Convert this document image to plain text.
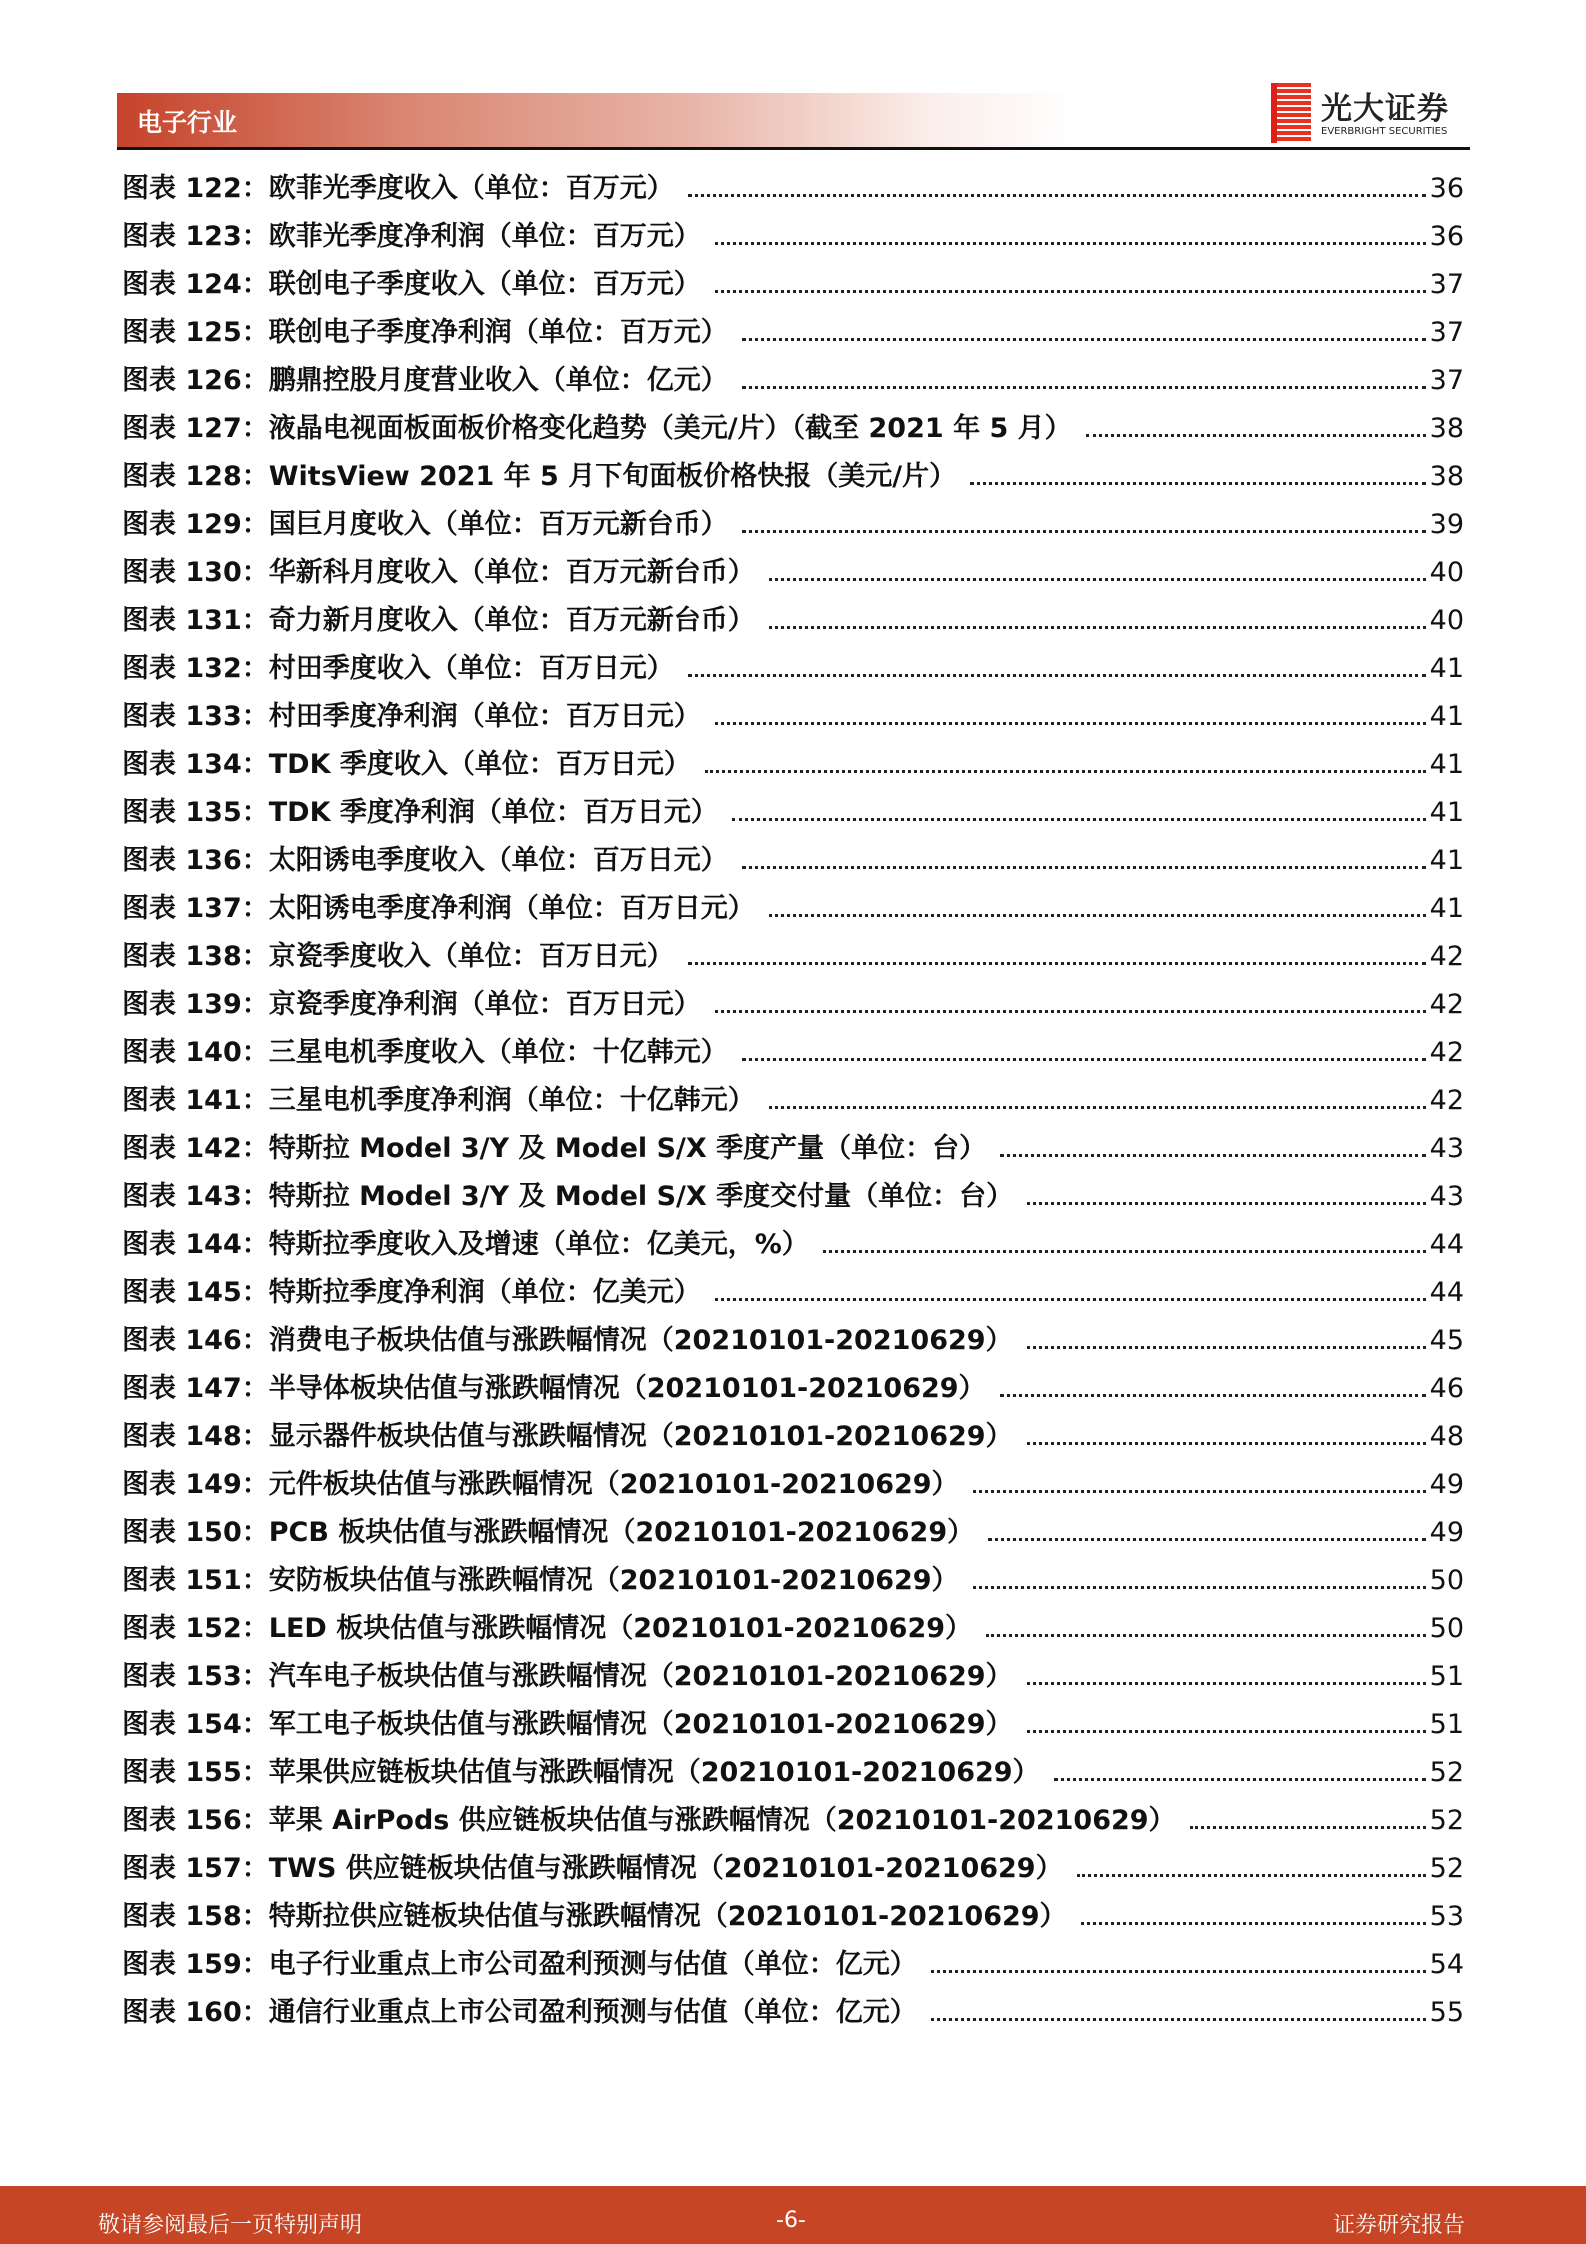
电子行业	光大证券
EVERBRIGHT SECURITIES
图表 122：欧菲光季度收入（单位：百万元）	36
图表 123：欧菲光季度净利润（单位：百万元）	36
图表 124：联创电子季度收入（单位：百万元）	37
图表 125：联创电子季度净利润（单位：百万元）	37
图表 126：鹏鼎控股月度营业收入（单位：亿元）	37
图表 127：液晶电视面板面板价格变化趋势（美元/片）（截至 2021 年 5 月）	38
图表 128：WitsView 2021 年 5 月下旬面板价格快报（美元/片）	38
图表 129：国巨月度收入（单位：百万元新台币）	39
图表 130：华新科月度收入（单位：百万元新台币）	40
图表 131：奇力新月度收入（单位：百万元新台币）	40
图表 132：村田季度收入（单位：百万日元）	41
图表 133：村田季度净利润（单位：百万日元）	41
图表 134：TDK 季度收入（单位：百万日元）	41
图表 135：TDK 季度净利润（单位：百万日元）	41
图表 136：太阳诱电季度收入（单位：百万日元）	41
图表 137：太阳诱电季度净利润（单位：百万日元）	41
图表 138：京瓷季度收入（单位：百万日元）	42
图表 139：京瓷季度净利润（单位：百万日元）	42
图表 140：三星电机季度收入（单位：十亿韩元）	42
图表 141：三星电机季度净利润（单位：十亿韩元）	42
图表 142：特斯拉 Model 3/Y 及 Model S/X 季度产量（单位：台）	43
图表 143：特斯拉 Model 3/Y 及 Model S/X 季度交付量（单位：台）	43
图表 144：特斯拉季度收入及增速（单位：亿美元，%）	44
图表 145：特斯拉季度净利润（单位：亿美元）	44
图表 146：消费电子板块估值与涨跌幅情况（20210101-20210629）	45
图表 147：半导体板块估值与涨跌幅情况（20210101-20210629）	46
图表 148：显示器件板块估值与涨跌幅情况（20210101-20210629）	48
图表 149：元件板块估值与涨跌幅情况（20210101-20210629）	49
图表 150：PCB 板块估值与涨跌幅情况（20210101-20210629）	49
图表 151：安防板块估值与涨跌幅情况（20210101-20210629）	50
图表 152：LED 板块估值与涨跌幅情况（20210101-20210629）	50
图表 153：汽车电子板块估值与涨跌幅情况（20210101-20210629）	51
图表 154：军工电子板块估值与涨跌幅情况（20210101-20210629）	51
图表 155：苹果供应链板块估值与涨跌幅情况（20210101-20210629）	52
图表 156：苹果 AirPods 供应链板块估值与涨跌幅情况（20210101-20210629）	52
图表 157：TWS 供应链板块估值与涨跌幅情况（20210101-20210629）	52
图表 158：特斯拉供应链板块估值与涨跌幅情况（20210101-20210629）	53
图表 159：电子行业重点上市公司盈利预测与估值（单位：亿元）	54
图表 160：通信行业重点上市公司盈利预测与估值（单位：亿元）	55
敬请参阅最后一页特别声明	-6-	证券研究报告
